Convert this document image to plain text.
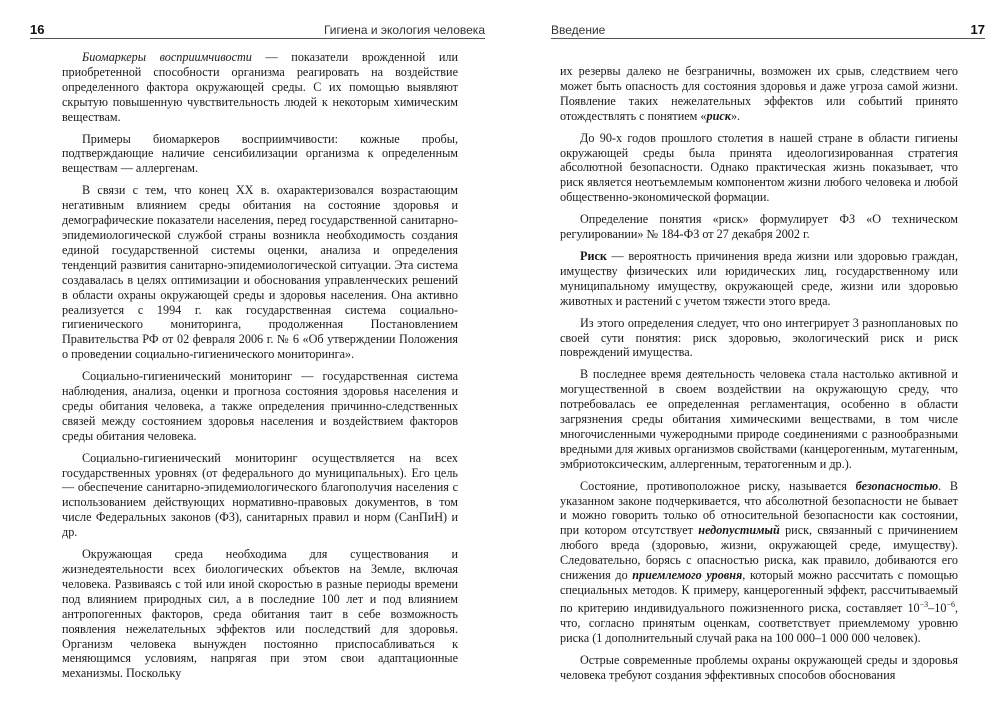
16	Гигиена и экология человека

Биомаркеры восприимчивости — показатели врожденной или приобретенной способности организма реагировать на воздействие определенного фактора окружающей среды. С их помощью выявляют скрытую повышенную чувствительность людей к некоторым химическим веществам.

Примеры биомаркеров восприимчивости: кожные пробы, подтверждающие наличие сенсибилизации организма к определенным веществам — аллергенам.

В связи с тем, что конец XX в. охарактеризовался возрастающим негативным влиянием среды обитания на состояние здоровья и демографические показатели населения, перед государственной санитарно-эпидемиологической службой страны возникла необходимость создания единой государственной системы оценки, анализа и определения тенденций развития санитарно-эпидемиологической ситуации. Эта система создавалась в целях оптимизации и обоснования управленческих решений в области охраны окружающей среды и здоровья населения. Она активно реализуется с 1994 г. как государственная система социально-гигиенического мониторинга, продолженная Постановлением Правительства РФ от 02 февраля 2006 г. № 6 «Об утверждении Положения о проведении социально-гигиенического мониторинга».

Социально-гигиенический мониторинг — государственная система наблюдения, анализа, оценки и прогноза состояния здоровья населения и среды обитания человека, а также определения причинно-следственных связей между состоянием здоровья населения и воздействием факторов среды обитания человека.

Социально-гигиенический мониторинг осуществляется на всех государственных уровнях (от федерального до муниципальных). Его цель — обеспечение санитарно-эпидемиологического благополучия населения с использованием действующих нормативно-правовых документов, в том числе Федеральных законов (ФЗ), санитарных правил и норм (СанПиН) и др.

Окружающая среда необходима для существования и жизнедеятельности всех биологических объектов на Земле, включая человека. Развиваясь с той или иной скоростью в разные периоды времени под влиянием природных сил, а в последние 100 лет и под влиянием антропогенных факторов, среда обитания таит в себе возможность появления нежелательных эффектов или последствий для здоровья. Организм человека вынужден постоянно приспосабливаться к меняющимся условиям, напрягая при этом свои адаптационные механизмы. Поскольку

Введение	17

их резервы далеко не безграничны, возможен их срыв, следствием чего может быть опасность для состояния здоровья и даже угроза самой жизни. Появление таких нежелательных эффектов или событий принято отождествлять с понятием «риск».

До 90-х годов прошлого столетия в нашей стране в области гигиены окружающей среды была принята идеологизированная стратегия абсолютной безопасности. Однако практическая жизнь показывает, что риск является неотъемлемым компонентом жизни любого человека и любой общественно-экономической формации.

Определение понятия «риск» формулирует ФЗ «О техническом регулировании» № 184-ФЗ от 27 декабря 2002 г.

Риск — вероятность причинения вреда жизни или здоровью граждан, имуществу физических или юридических лиц, государственному или муниципальному имуществу, окружающей среде, жизни или здоровью животных и растений с учетом тяжести этого вреда.

Из этого определения следует, что оно интегрирует 3 разноплановых по своей сути понятия: риск здоровью, экологический риск и риск повреждений имущества.

В последнее время деятельность человека стала настолько активной и могущественной в своем воздействии на окружающую среду, что потребовалась ее определенная регламентация, особенно в области загрязнения среды обитания химическими веществами, в том числе многочисленными чужеродными природе соединениями с разнообразными вредными для живых организмов свойствами (канцерогенным, мутагенным, эмбриотоксическим, аллергенным, тератогенным и др.).

Состояние, противоположное риску, называется безопасностью. В указанном законе подчеркивается, что абсолютной безопасности не бывает и можно говорить только об относительной безопасности как состоянии, при котором отсутствует недопустимый риск, связанный с причинением любого вреда (здоровью, жизни, окружающей среде, имуществу). Следовательно, борясь с опасностью риска, как правило, добиваются его снижения до приемлемого уровня, который можно рассчитать с помощью специальных методов. К примеру, канцерогенный эффект, рассчитываемый по критерию индивидуального пожизненного риска, составляет $10^{-3}-10^{-6}$, что, согласно принятым оценкам, соответствует приемлемому уровню риска (1 дополнительный случай рака на 100 000–1 000 000 человек).

Острые современные проблемы охраны окружающей среды и здоровья человека требуют создания эффективных способов обоснования
